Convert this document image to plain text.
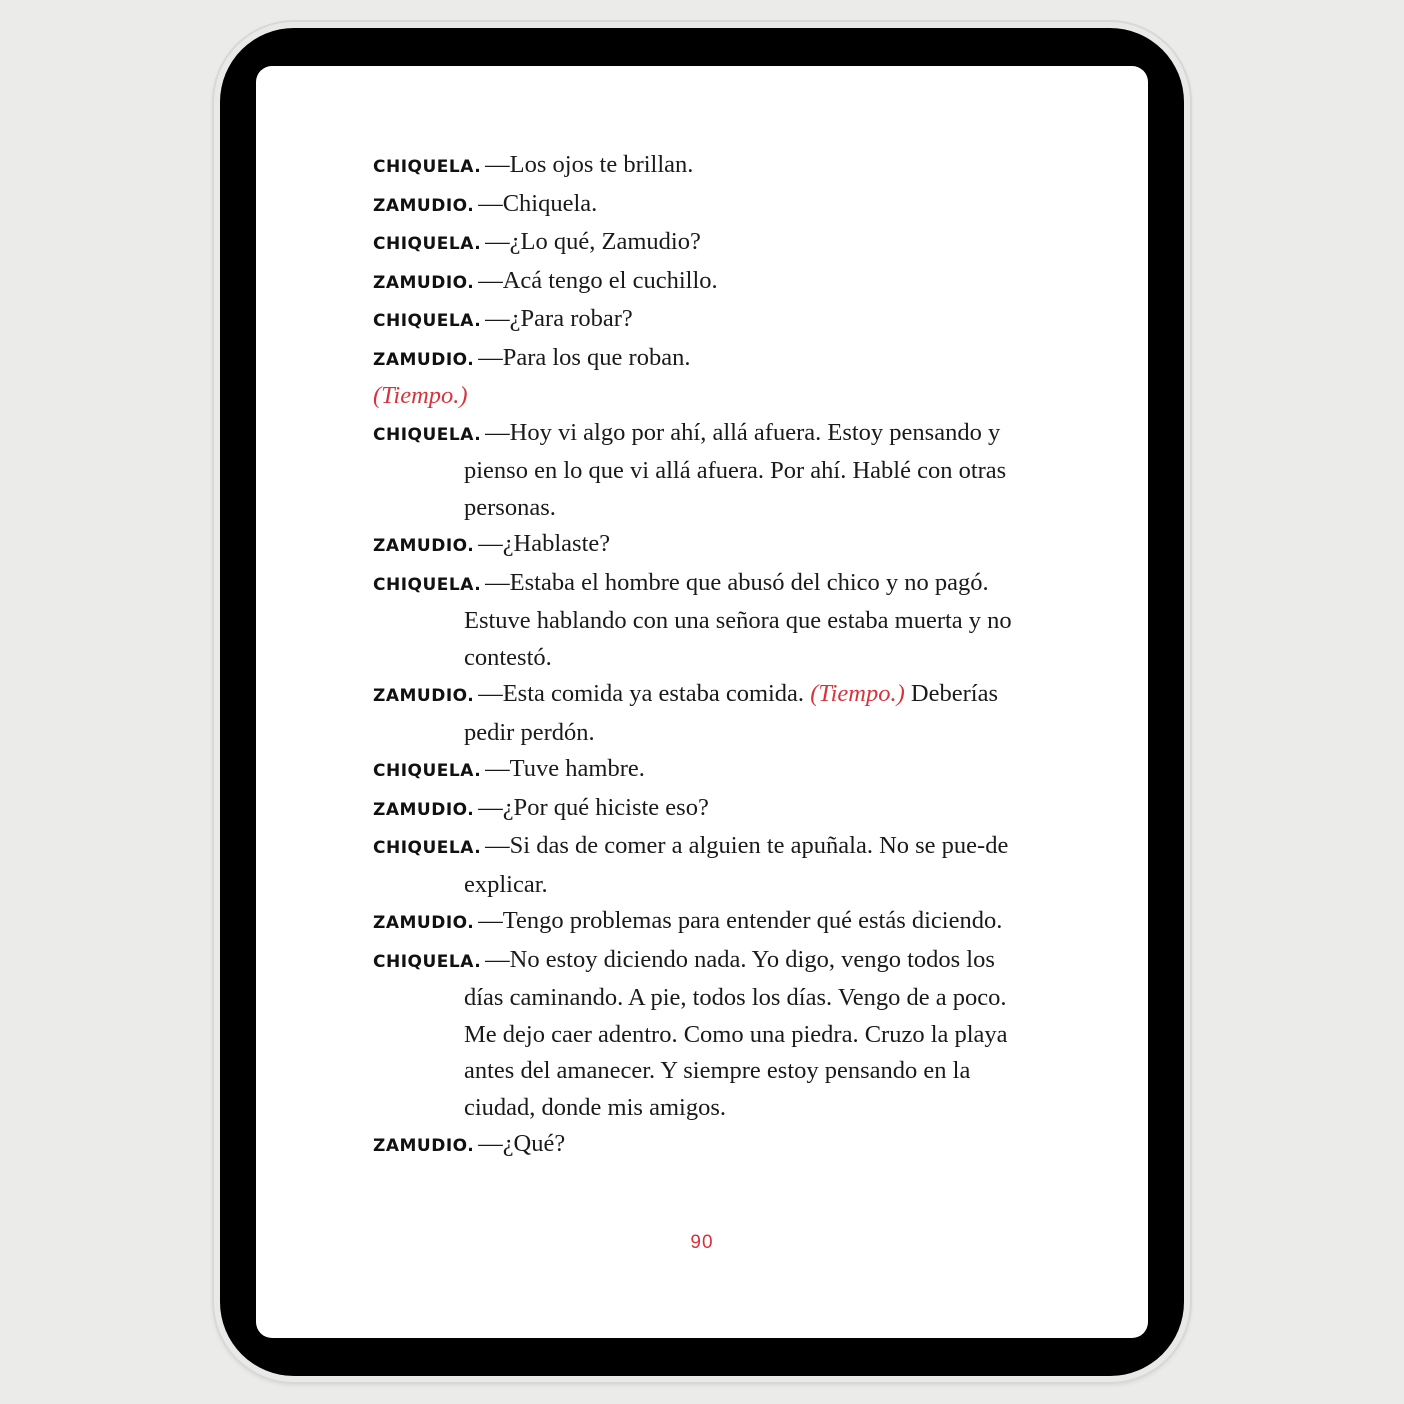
CHIQUELA. —Los ojos te brillan.

ZAMUDIO. —Chiquela.

CHIQUELA. —¿Lo qué, Zamudio?

ZAMUDIO. —Acá tengo el cuchillo.

CHIQUELA. —¿Para robar?

ZAMUDIO. —Para los que roban.

(Tiempo.)

CHIQUELA. —Hoy vi algo por ahí, allá afuera. Estoy pensando y pienso en lo que vi allá afuera. Por ahí. Hablé con otras personas.

ZAMUDIO. —¿Hablaste?

CHIQUELA. —Estaba el hombre que abusó del chico y no pagó. Estuve hablando con una señora que estaba muerta y no contestó.

ZAMUDIO. —Esta comida ya estaba comida. (Tiempo.) Deberías pedir perdón.

CHIQUELA. —Tuve hambre.

ZAMUDIO. —¿Por qué hiciste eso?

CHIQUELA. —Si das de comer a alguien te apuñala. No se pue-de explicar.

ZAMUDIO. —Tengo problemas para entender qué estás diciendo.

CHIQUELA. —No estoy diciendo nada. Yo digo, vengo todos los días caminando. A pie, todos los días. Vengo de a poco. Me dejo caer adentro. Como una piedra. Cruzo la playa antes del amanecer. Y siempre estoy pensando en la ciudad, donde mis amigos.

ZAMUDIO. —¿Qué?

90
